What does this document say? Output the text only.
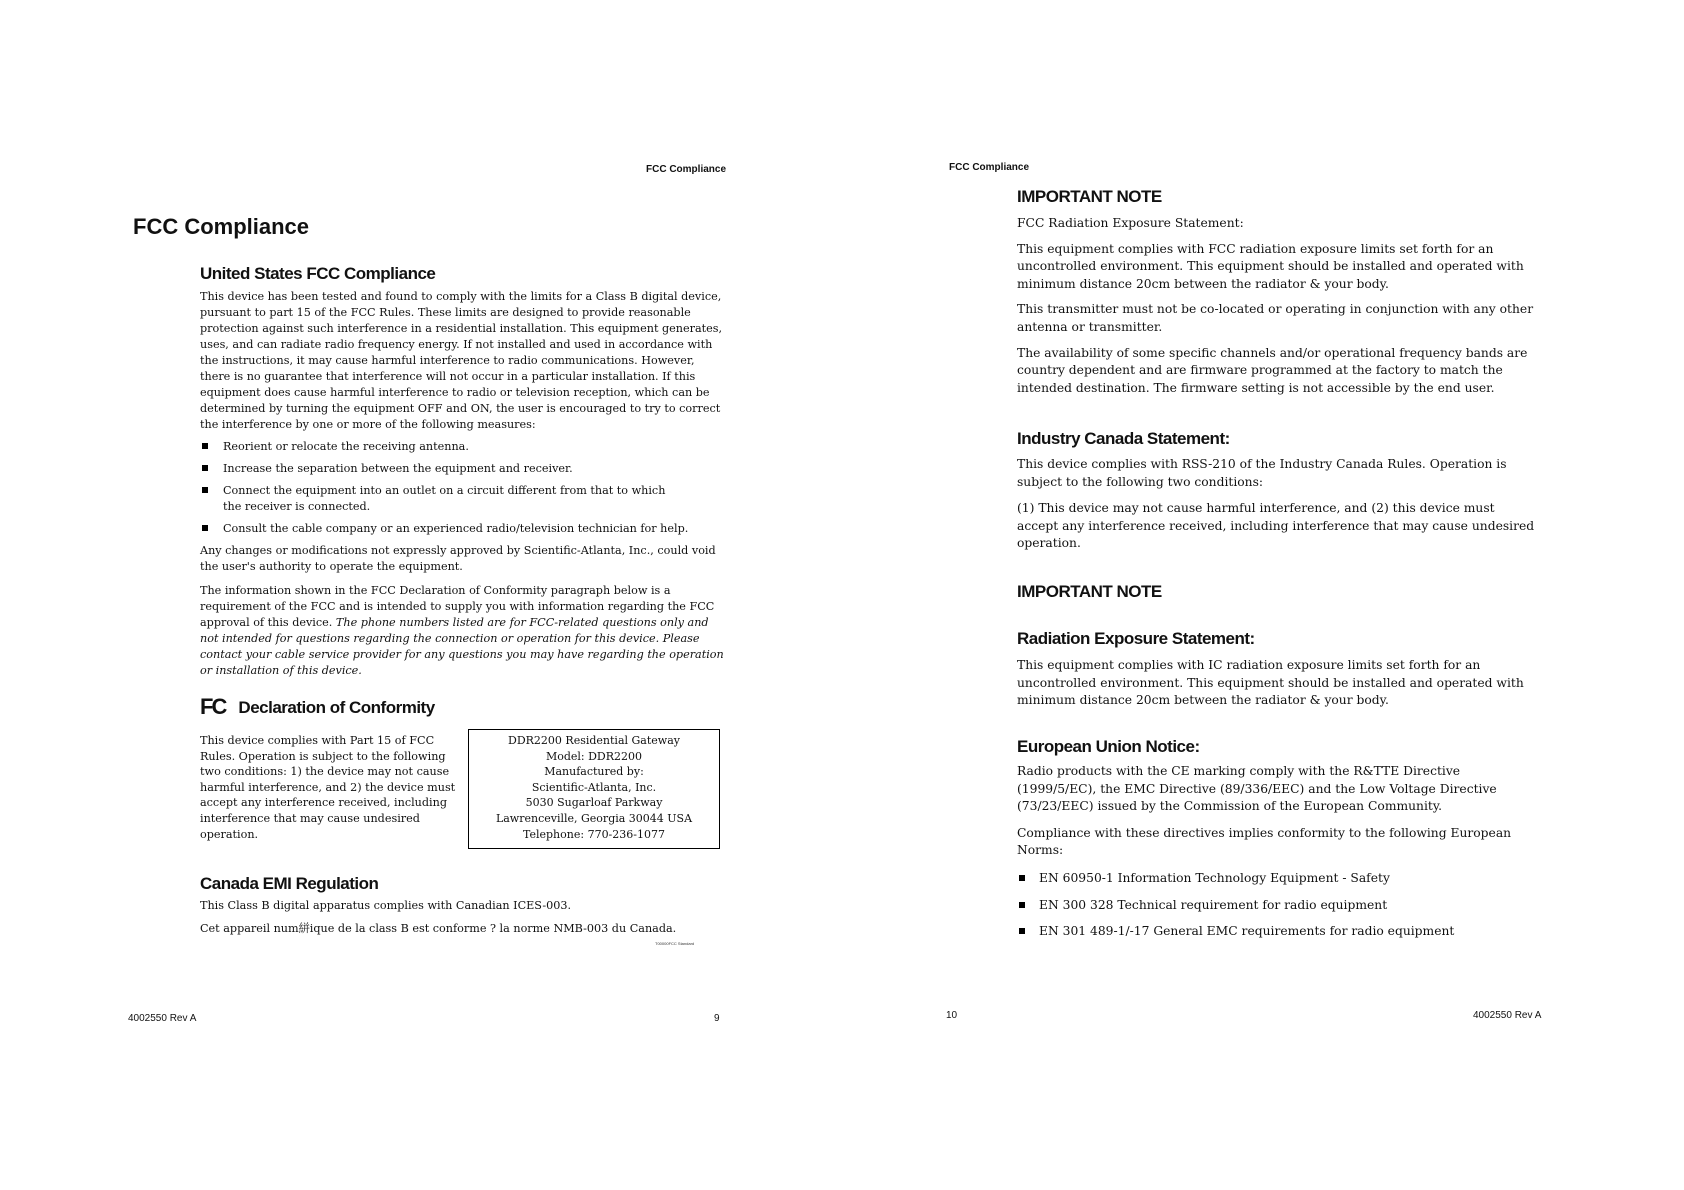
FCC Compliance
FCC Compliance
United States FCC Compliance

This device has been tested and found to comply with the limits for a Class B digital device, pursuant to part 15 of the FCC Rules. These limits are designed to provide reasonable protection against such interference in a residential installation. This equipment generates, uses, and can radiate radio frequency energy. If not installed and used in accordance with the instructions, it may cause harmful interference to radio communications. However, there is no guarantee that interference will not occur in a particular installation. If this equipment does cause harmful interference to radio or television reception, which can be determined by turning the equipment OFF and ON, the user is encouraged to try to correct the interference by one or more of the following measures:

Reorient or relocate the receiving antenna.
Increase the separation between the equipment and receiver.
Connect the equipment into an outlet on a circuit different from that to which the receiver is connected.
Consult the cable company or an experienced radio/television technician for help.

Any changes or modifications not expressly approved by Scientific-Atlanta, Inc., could void the user's authority to operate the equipment.

The information shown in the FCC Declaration of Conformity paragraph below is a requirement of the FCC and is intended to supply you with information regarding the FCC approval of this device. The phone numbers listed are for FCC-related questions only and not intended for questions regarding the connection or operation for this device. Please contact your cable service provider for any questions you may have regarding the operation or installation of this device.

FC Declaration of Conformity

This device complies with Part 15 of FCC Rules. Operation is subject to the following two conditions: 1) the device may not cause harmful interference, and 2) the device must accept any interference received, including interference that may cause undesired operation.

DDR2200 Residential Gateway
Model: DDR2200
Manufactured by:
Scientific-Atlanta, Inc.
5030 Sugarloaf Parkway
Lawrenceville, Georgia 30044 USA
Telephone: 770-236-1077
Canada EMI Regulation

This Class B digital apparatus complies with Canadian ICES-003.

Cet appareil num絣ique de la class B est conforme ? la norme NMB-003 du Canada.

T00000FCC Standard
4002550 Rev A	9
FCC Compliance
IMPORTANT NOTE

FCC Radiation Exposure Statement:

This equipment complies with FCC radiation exposure limits set forth for an uncontrolled environment. This equipment should be installed and operated with minimum distance 20cm between the radiator & your body.

This transmitter must not be co-located or operating in conjunction with any other antenna or transmitter.

The availability of some specific channels and/or operational frequency bands are country dependent and are firmware programmed at the factory to match the intended destination. The firmware setting is not accessible by the end user.

Industry Canada Statement:

This device complies with RSS-210 of the Industry Canada Rules. Operation is subject to the following two conditions:

(1) This device may not cause harmful interference, and (2) this device must accept any interference received, including interference that may cause undesired operation.

IMPORTANT NOTE
Radiation Exposure Statement:

This equipment complies with IC radiation exposure limits set forth for an uncontrolled environment. This equipment should be installed and operated with minimum distance 20cm between the radiator & your body.

European Union Notice:

Radio products with the CE marking comply with the R&TTE Directive (1999/5/EC), the EMC Directive (89/336/EEC) and the Low Voltage Directive (73/23/EEC) issued by the Commission of the European Community.

Compliance with these directives implies conformity to the following European Norms:

EN 60950-1 Information Technology Equipment - Safety
EN 300 328 Technical requirement for radio equipment
EN 301 489-1/-17 General EMC requirements for radio equipment
10	4002550 Rev A
